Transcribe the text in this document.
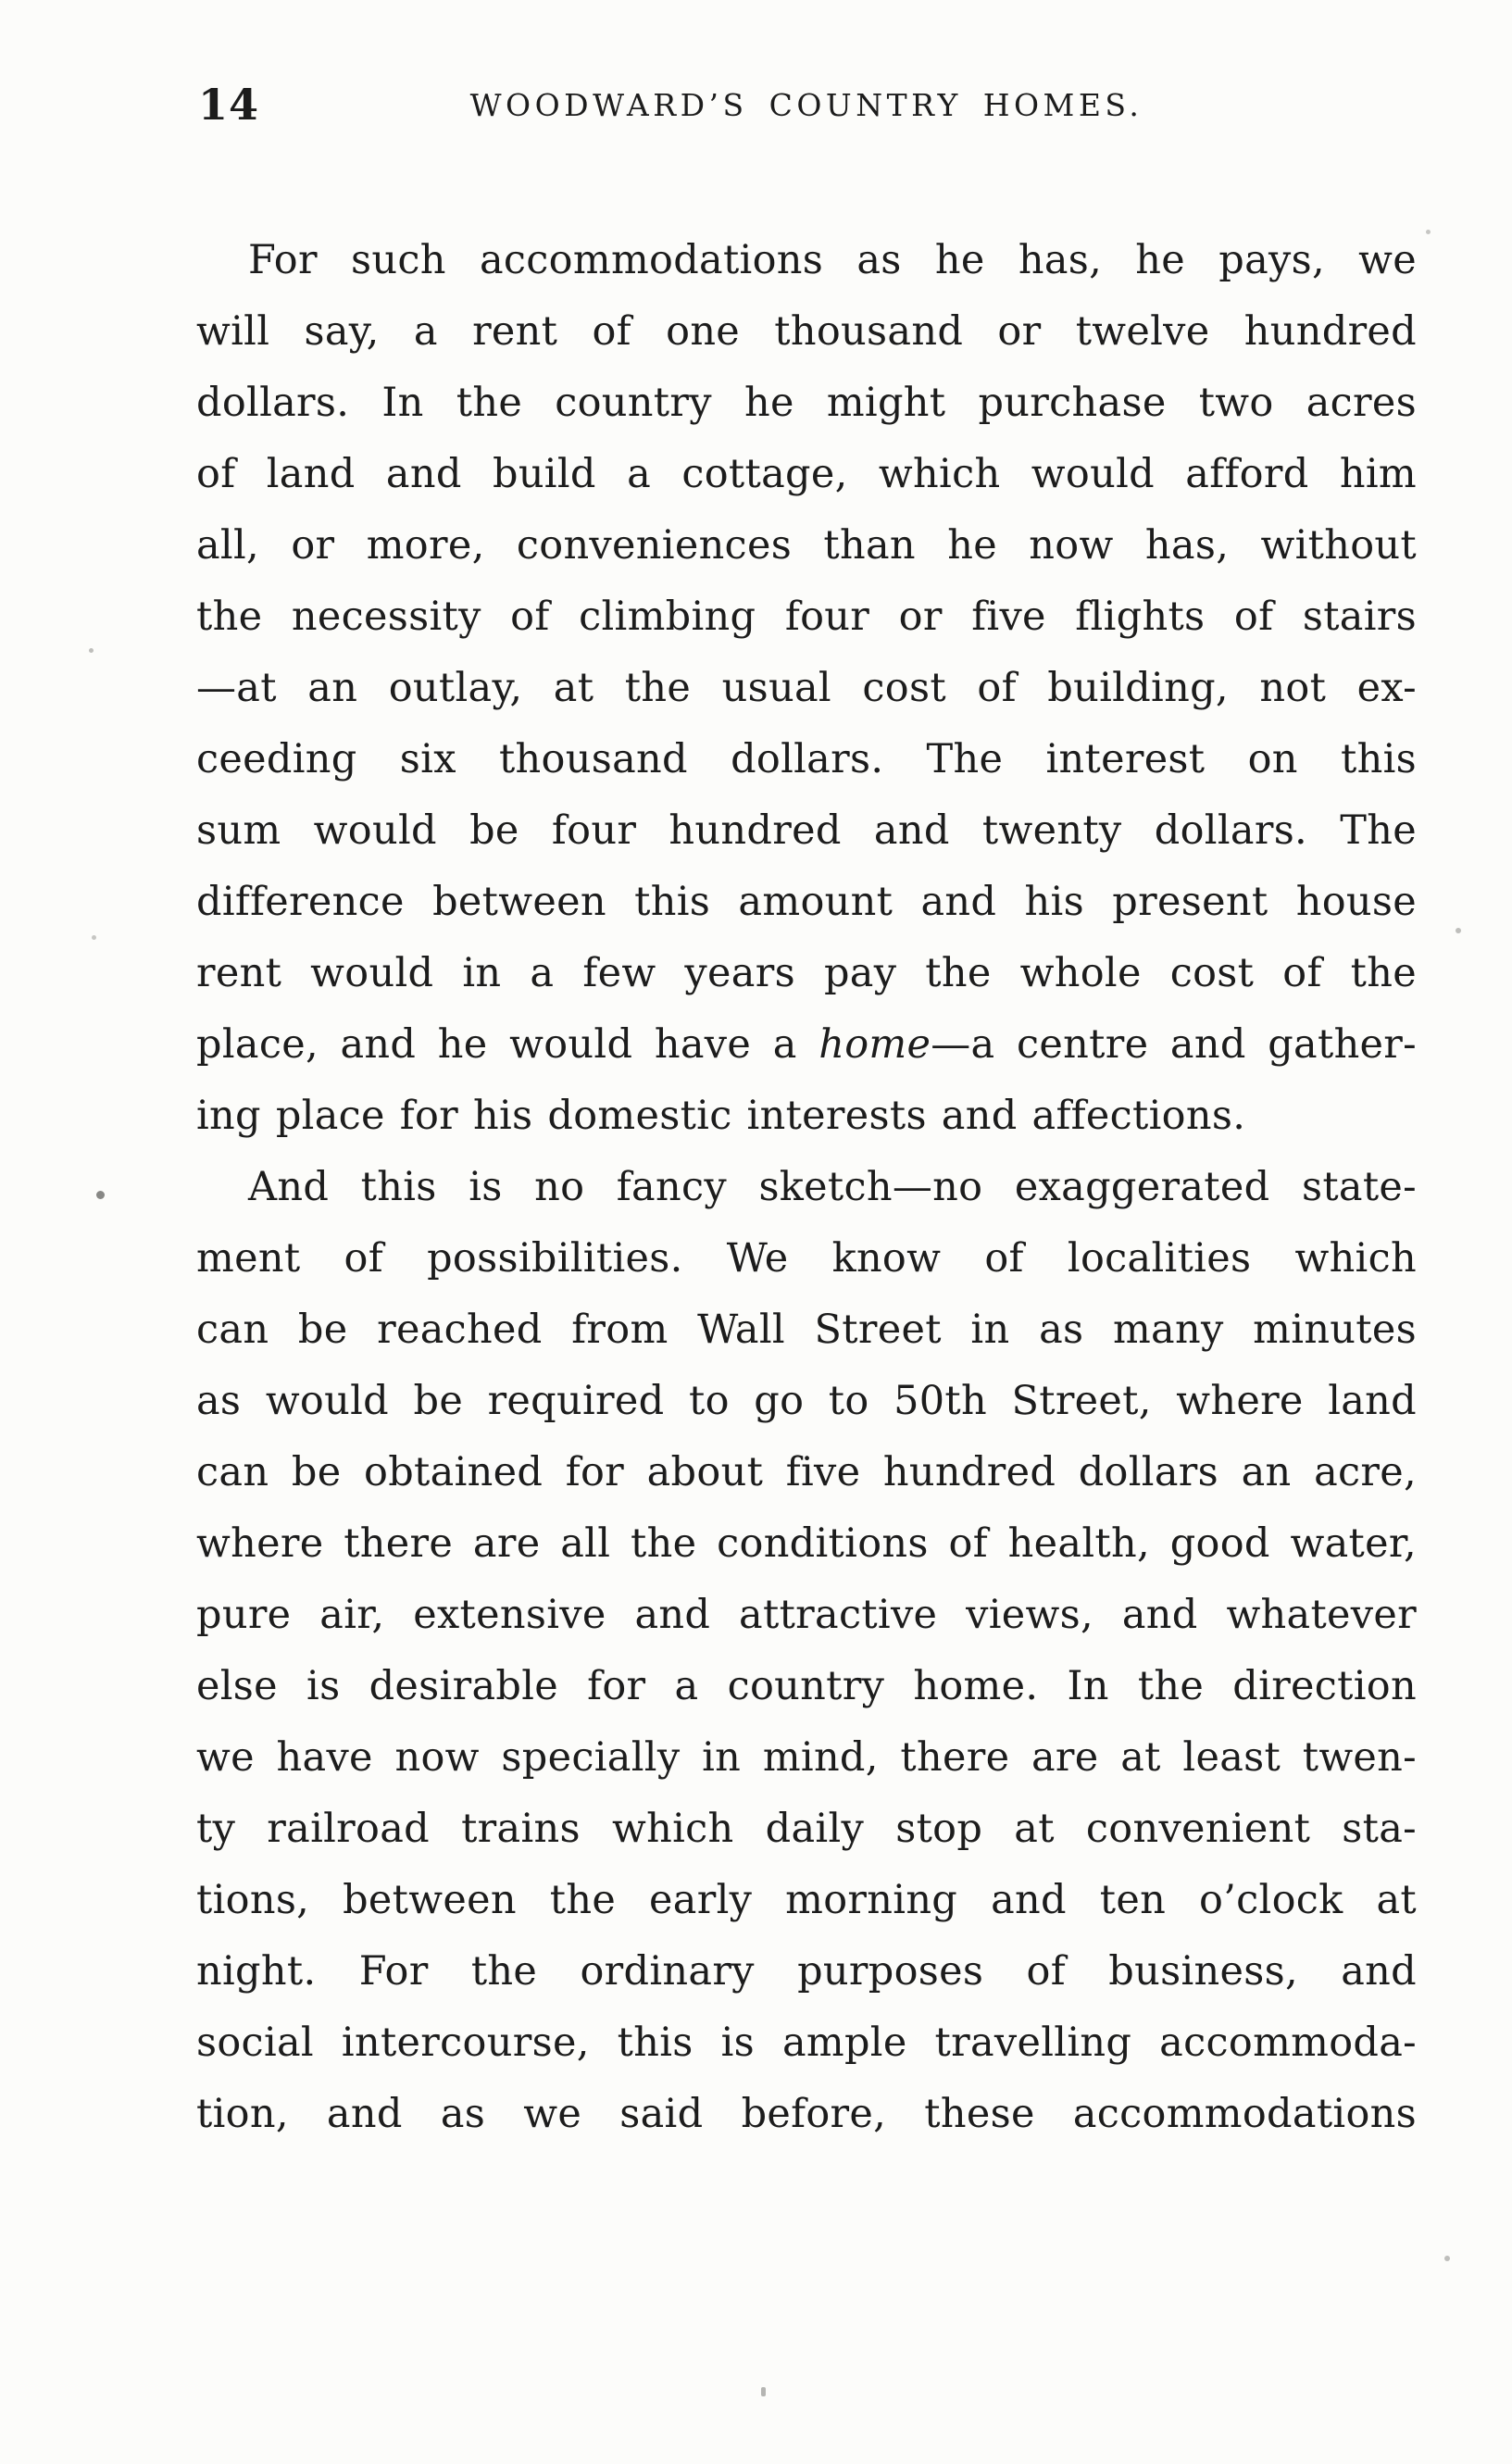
14	WOODWARD’S COUNTRY HOMES.
For such accommodations as he has, he pays, we
will say, a rent of one thousand or twelve hundred
dollars. In the country he might purchase two acres
of land and build a cottage, which would afford him
all, or more, conveniences than he now has, without
the necessity of climbing four or five flights of stairs
—at an outlay, at the usual cost of building, not ex-
ceeding six thousand dollars. The interest on this
sum would be four hundred and twenty dollars. The
difference between this amount and his present house
rent would in a few years pay the whole cost of the
place, and he would have a home—a centre and gather-
ing place for his domestic interests and affections.
And this is no fancy sketch—no exaggerated state-
ment of possibilities. We know of localities which
can be reached from Wall Street in as many minutes
as would be required to go to 50th Street, where land
can be obtained for about five hundred dollars an acre,
where there are all the conditions of health, good water,
pure air, extensive and attractive views, and whatever
else is desirable for a country home. In the direction
we have now specially in mind, there are at least twen-
ty railroad trains which daily stop at convenient sta-
tions, between the early morning and ten o’clock at
night. For the ordinary purposes of business, and
social intercourse, this is ample travelling accommoda-
tion, and as we said before, these accommodations
